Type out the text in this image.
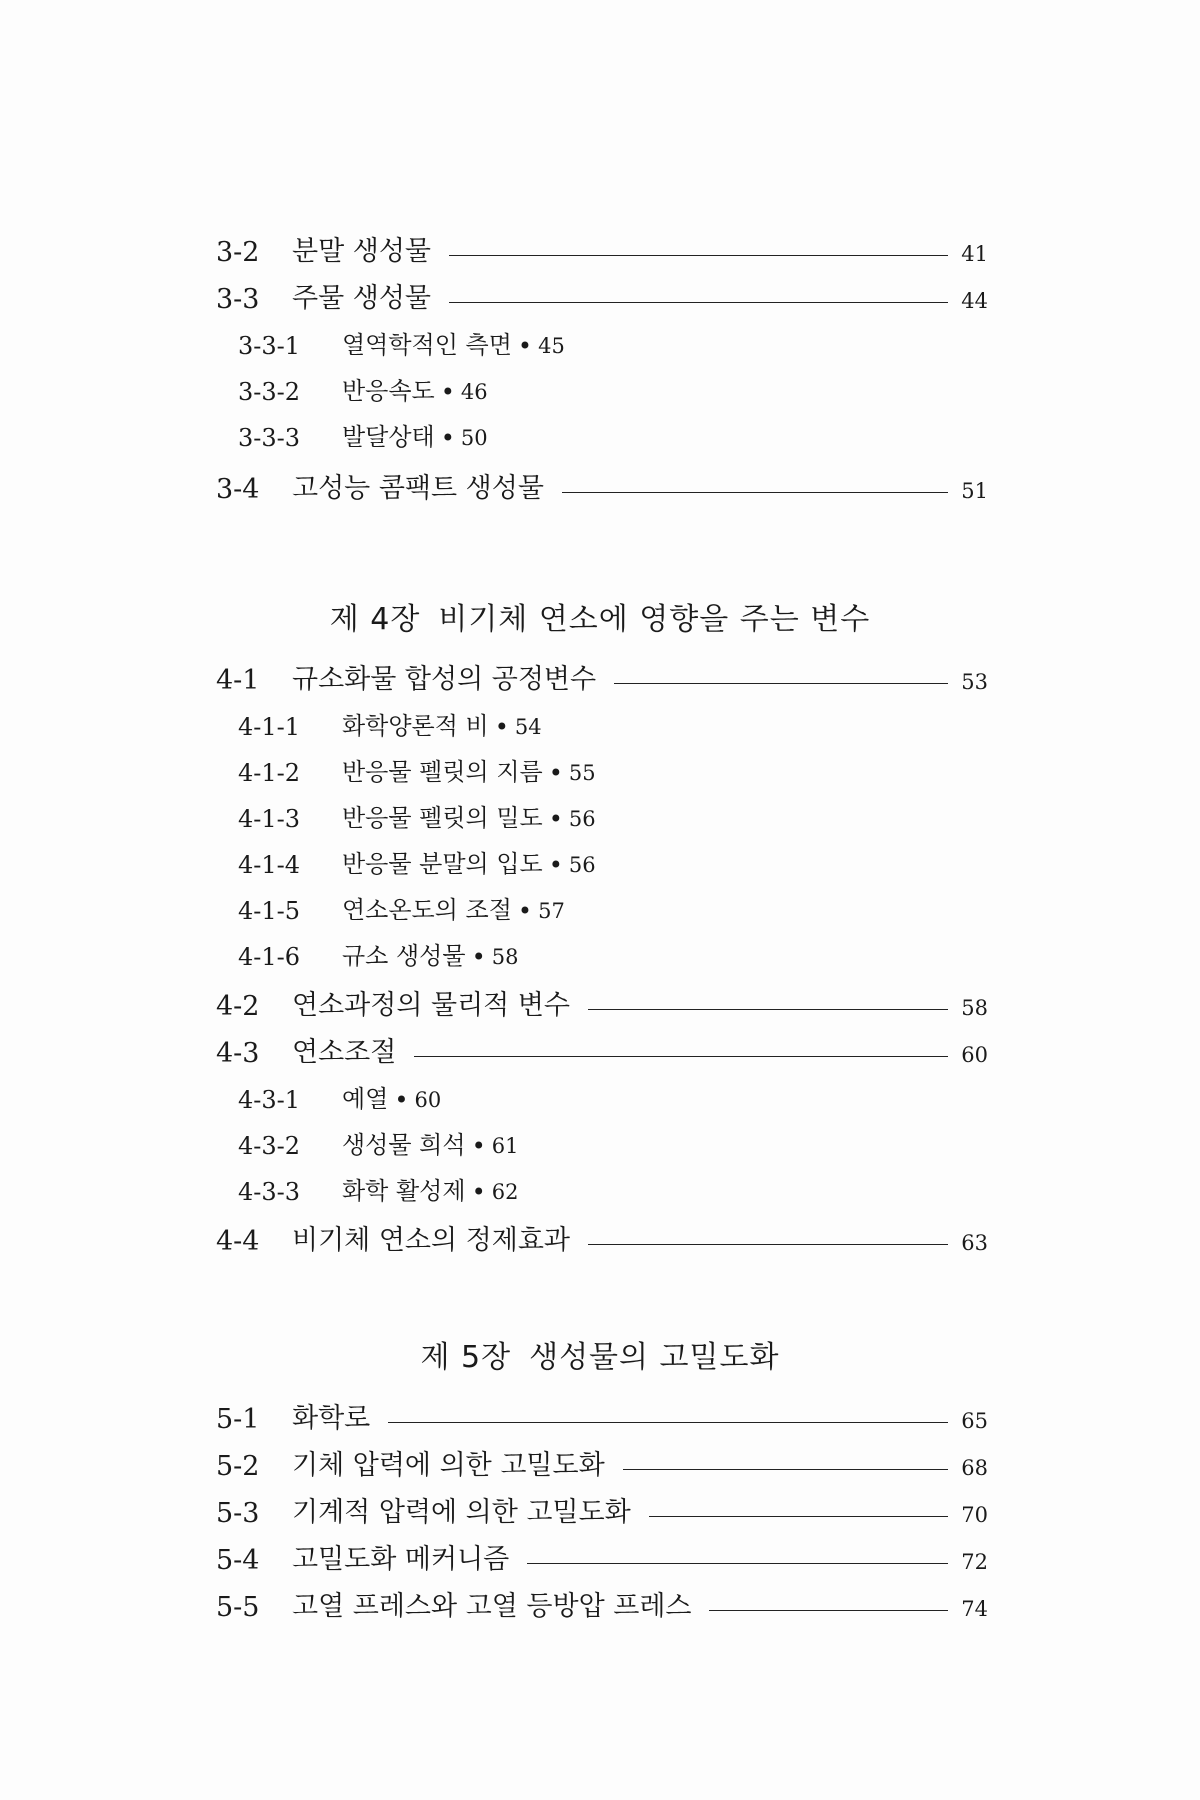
3-2	분말 생성물	41
3-3	주물 생성물	44
3-3-1	열역학적인 측면 • 45
3-3-2	반응속도 • 46
3-3-3	발달상태 • 50
3-4	고성능 콤팩트 생성물	51
제 4장 비기체 연소에 영향을 주는 변수
4-1	규소화물 합성의 공정변수	53
4-1-1	화학양론적 비 • 54
4-1-2	반응물 펠릿의 지름 • 55
4-1-3	반응물 펠릿의 밀도 • 56
4-1-4	반응물 분말의 입도 • 56
4-1-5	연소온도의 조절 • 57
4-1-6	규소 생성물 • 58
4-2	연소과정의 물리적 변수	58
4-3	연소조절	60
4-3-1	예열 • 60
4-3-2	생성물 희석 • 61
4-3-3	화학 활성제 • 62
4-4	비기체 연소의 정제효과	63
제 5장 생성물의 고밀도화
5-1	화학로	65
5-2	기체 압력에 의한 고밀도화	68
5-3	기계적 압력에 의한 고밀도화	70
5-4	고밀도화 메커니즘	72
5-5	고열 프레스와 고열 등방압 프레스	74
